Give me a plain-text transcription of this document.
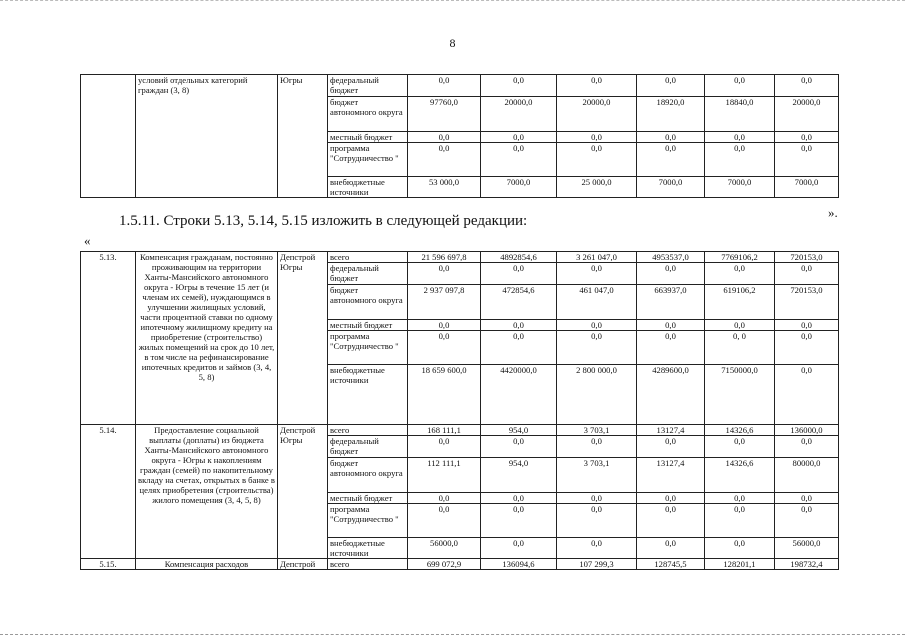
8
	условий отдельных категорий граждан (3, 8)	Югры	федеральный бюджет	0,0	0,0	0,0	0,0	0,0	0,0
			бюджет автономного округа	97760,0	20000,0	20000,0	18920,0	18840,0	20000,0
			местный бюджет	0,0	0,0	0,0	0,0	0,0	0,0
			программа "Сотрудничество "	0,0	0,0	0,0	0,0	0,0	0,0
			внебюджетные источники	53 000,0	7000,0	25 000,0	7000,0	7000,0	7000,0
».
1.5.11. Строки 5.13, 5.14, 5.15 изложить в следующей редакции:
«
5.13.	Компенсация гражданам, постоянно проживающим на территории Ханты-Мансийского автономного округа - Югры в течение 15 лет (и членам их семей), нуждающимся в улучшении жилищных условий, части процентной ставки по одному ипотечному жилищному кредиту на приобретение (строительство) жилых помещений на срок до 10 лет, в том числе на рефинансирование ипотечных кредитов и займов (3, 4, 5, 8)	Депстрой Югры	всего	21 596 697,8	4892854,6	3 261 047,0	4953537,0	7769106,2	720153,0
			федеральный бюджет	0,0	0,0	0,0	0,0	0,0	0,0
			бюджет автономного округа	2 937 097,8	472854,6	461 047,0	663937,0	619106,2	720153,0
			местный бюджет	0,0	0,0	0,0	0,0	0,0	0,0
			программа "Сотрудничество "	0,0	0,0	0,0	0,0	0, 0	0,0
			внебюджетные источники	18 659 600,0	4420000,0	2 800 000,0	4289600,0	7150000,0	0,0
5.14.	Предоставление социальной выплаты (доплаты) из бюджета Ханты-Мансийского автономного округа - Югры к накоплениям граждан (семей) по накопительному вкладу на счетах, открытых в банке в целях приобретения (строительства) жилого помещения (3, 4, 5, 8)	Депстрой Югры	всего	168 111,1	954,0	3 703,1	13127,4	14326,6	136000,0
			федеральный бюджет	0,0	0,0	0,0	0,0	0,0	0,0
			бюджет автономного округа	112 111,1	954,0	3 703,1	13127,4	14326,6	80000,0
			местный бюджет	0,0	0,0	0,0	0,0	0,0	0,0
			программа "Сотрудничество "	0,0	0,0	0,0	0,0	0,0	0,0
			внебюджетные источники	56000,0	0,0	0,0	0,0	0,0	56000,0
5.15.	Компенсация расходов	Депстрой	всего	699 072,9	136094,6	107 299,3	128745,5	128201,1	198732,4
